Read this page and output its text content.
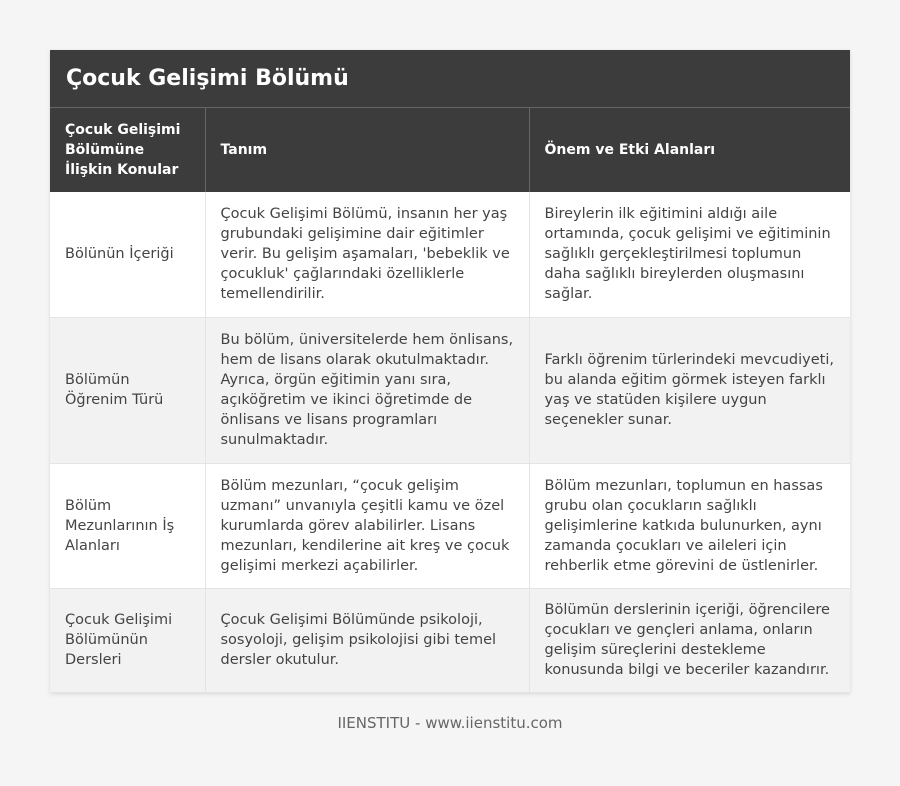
Çocuk Gelişimi Bölümü
Çocuk Gelişimi Bölümüne İlişkin Konular	Tanım	Önem ve Etki Alanları
Bölünün İçeriği	Çocuk Gelişimi Bölümü, insanın her yaş grubundaki gelişimine dair eğitimler verir. Bu gelişim aşamaları, 'bebeklik ve çocukluk' çağlarındaki özelliklerle temellendirilir.	Bireylerin ilk eğitimini aldığı aile ortamında, çocuk gelişimi ve eğitiminin sağlıklı gerçekleştirilmesi toplumun daha sağlıklı bireylerden oluşmasını sağlar.
Bölümün Öğrenim Türü	Bu bölüm, üniversitelerde hem önlisans, hem de lisans olarak okutulmaktadır. Ayrıca, örgün eğitimin yanı sıra, açıköğretim ve ikinci öğretimde de önlisans ve lisans programları sunulmaktadır.	Farklı öğrenim türlerindeki mevcudiyeti, bu alanda eğitim görmek isteyen farklı yaş ve statüden kişilere uygun seçenekler sunar.
Bölüm Mezunlarının İş Alanları	Bölüm mezunları, “çocuk gelişim uzmanı” unvanıyla çeşitli kamu ve özel kurumlarda görev alabilirler. Lisans mezunları, kendilerine ait kreş ve çocuk gelişimi merkezi açabilirler.	Bölüm mezunları, toplumun en hassas grubu olan çocukların sağlıklı gelişimlerine katkıda bulunurken, aynı zamanda çocukları ve aileleri için rehberlik etme görevini de üstlenirler.
Çocuk Gelişimi Bölümünün Dersleri	Çocuk Gelişimi Bölümünde psikoloji, sosyoloji, gelişim psikolojisi gibi temel dersler okutulur.	Bölümün derslerinin içeriği, öğrencilere çocukları ve gençleri anlama, onların gelişim süreçlerini destekleme konusunda bilgi ve beceriler kazandırır.
IIENSTITU - www.iienstitu.com
